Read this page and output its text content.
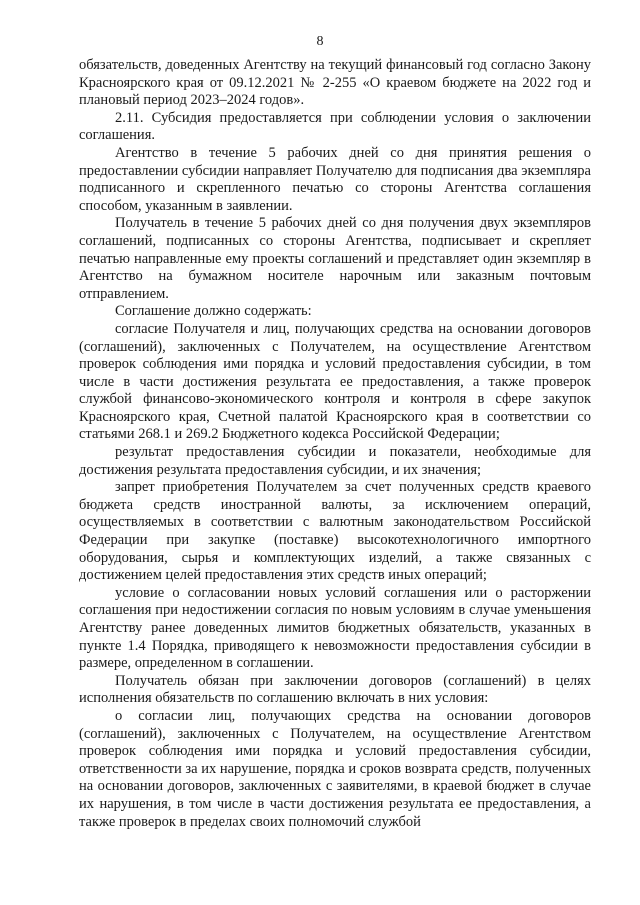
8

обязательств, доведенных Агентству на текущий финансовый год согласно Закону Красноярского края от 09.12.2021 № 2-255 «О краевом бюджете на 2022 год и плановый период 2023–2024 годов».

2.11. Субсидия предоставляется при соблюдении условия о заключении соглашения.

Агентство в течение 5 рабочих дней со дня принятия решения о предоставлении субсидии направляет Получателю для подписания два экземпляра подписанного и скрепленного печатью со стороны Агентства соглашения способом, указанным в заявлении.

Получатель в течение 5 рабочих дней со дня получения двух экземпляров соглашений, подписанных со стороны Агентства, подписывает и скрепляет печатью направленные ему проекты соглашений и представляет один экземпляр в Агентство на бумажном носителе нарочным или заказным почтовым отправлением.

Соглашение должно содержать:

согласие Получателя и лиц, получающих средства на основании договоров (соглашений), заключенных с Получателем, на осуществление Агентством проверок соблюдения ими порядка и условий предоставления субсидии, в том числе в части достижения результата ее предоставления, а также проверок службой финансово-экономического контроля и контроля в сфере закупок Красноярского края, Счетной палатой Красноярского края в соответствии со статьями 268.1 и 269.2 Бюджетного кодекса Российской Федерации;

результат предоставления субсидии и показатели, необходимые для достижения результата предоставления субсидии, и их значения;

запрет приобретения Получателем за счет полученных средств краевого бюджета средств иностранной валюты, за исключением операций, осуществляемых в соответствии с валютным законодательством Российской Федерации при закупке (поставке) высокотехнологичного импортного оборудования, сырья и комплектующих изделий, а также связанных с достижением целей предоставления этих средств иных операций;

условие о согласовании новых условий соглашения или о расторжении соглашения при недостижении согласия по новым условиям в случае уменьшения Агентству ранее доведенных лимитов бюджетных обязательств, указанных в пункте 1.4 Порядка, приводящего к невозможности предоставления субсидии в размере, определенном в соглашении.

Получатель обязан при заключении договоров (соглашений) в целях исполнения обязательств по соглашению включать в них условия:

о согласии лиц, получающих средства на основании договоров (соглашений), заключенных с Получателем, на осуществление Агентством проверок соблюдения ими порядка и условий предоставления субсидии, ответственности за их нарушение, порядка и сроков возврата средств, полученных на основании договоров, заключенных с заявителями, в краевой бюджет в случае их нарушения, в том числе в части достижения результата ее предоставления, а также проверок в пределах своих полномочий службой
